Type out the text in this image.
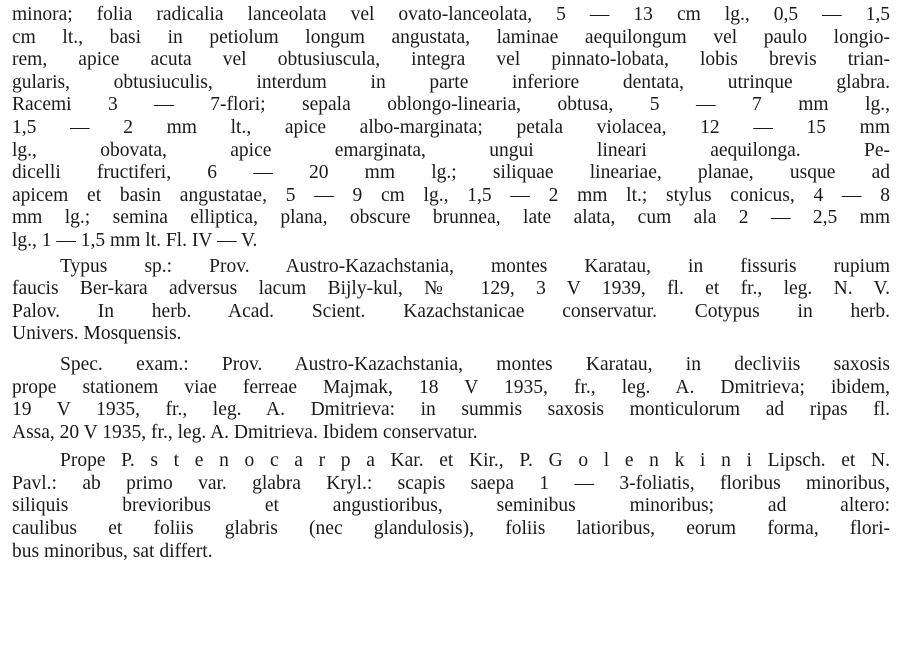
minora; folia radicalia lanceolata vel ovato-lanceolata, 5 — 13 cm lg., 0,5 — 1,5
cm lt., basi in petiolum longum angustata, laminae aequilongum vel paulo longio-
rem, apice acuta vel obtusiuscula, integra vel pinnato-lobata, lobis brevis trian-
gularis, obtusiuculis, interdum in parte inferiore dentata, utrinque glabra.
Racemi 3 — 7-flori; sepala oblongo-linearia, obtusa, 5 — 7 mm lg.,
1,5 — 2 mm lt., apice albo-marginata; petala violacea, 12 — 15 mm
lg., obovata, apice emarginata, ungui lineari aequilonga. Pe-
dicelli fructiferi, 6 — 20 mm lg.; siliquae lineariae, planae, usque ad
apicem et basin angustatae, 5 — 9 cm lg., 1,5 — 2 mm lt.; stylus conicus, 4 — 8
mm lg.; semina elliptica, plana, obscure brunnea, late alata, cum ala 2 — 2,5 mm
lg., 1 — 1,5 mm lt. Fl. IV — V.
Typus sp.: Prov. Austro-Kazachstania, montes Karatau, in fissuris rupium
faucis Ber-kara adversus lacum Bijly-kul, № 129, 3 V 1939, fl. et fr., leg. N. V.
Palov. In herb. Acad. Scient. Kazachstanicae conservatur. Cotypus in herb.
Univers. Mosquensis.
Spec. exam.: Prov. Austro-Kazachstania, montes Karatau, in decliviis saxosis
prope stationem viae ferreae Majmak, 18 V 1935, fr., leg. A. Dmitrieva; ibidem,
19 V 1935, fr., leg. A. Dmitrieva: in summis saxosis monticulorum ad ripas fl.
Assa, 20 V 1935, fr., leg. A. Dmitrieva. Ibidem conservatur.
Prope P. s t e n o c a r p a Kar. et Kir., P. G o l e n k i n i Lipsch. et N.
Pavl.: ab primo var. glabra Kryl.: scapis saepa 1 — 3-foliatis, floribus minoribus,
siliquis brevioribus et angustioribus, seminibus minoribus; ad altero:
caulibus et foliis glabris (nec glandulosis), foliis latioribus, eorum forma, flori-
bus minoribus, sat differt.
